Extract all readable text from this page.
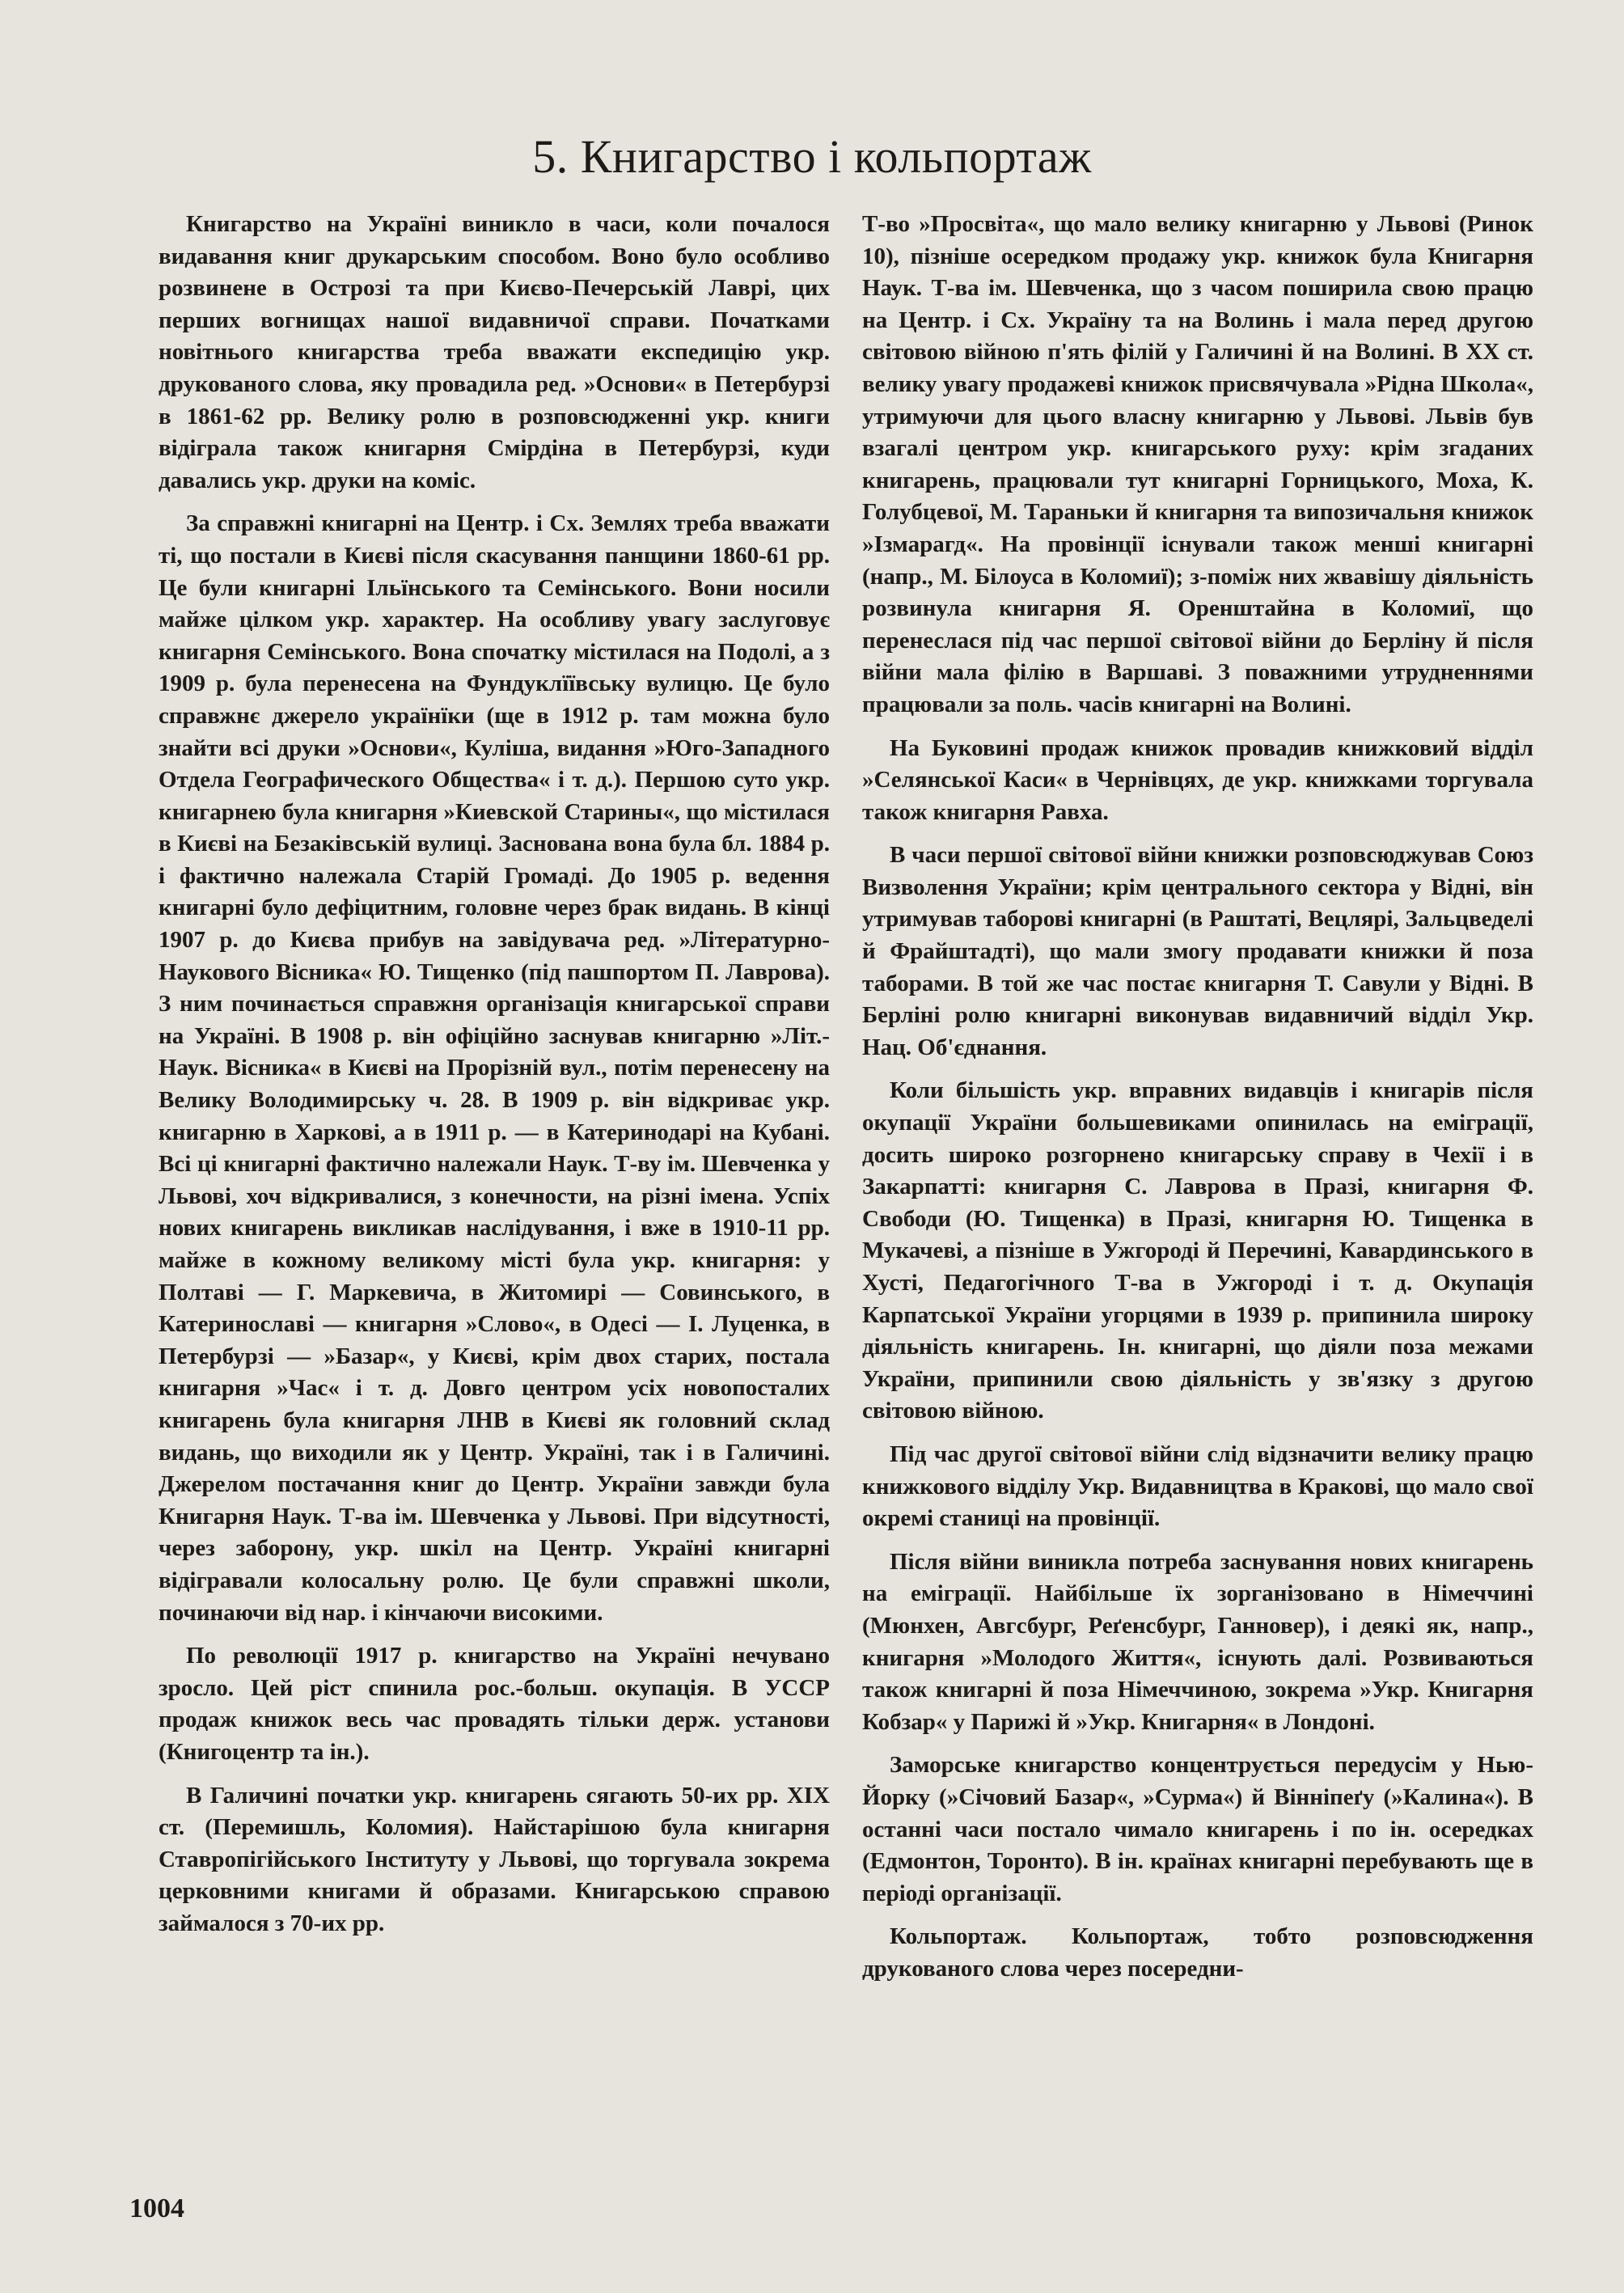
5. Книгарство і кольпортаж

Книгарство на Україні виникло в часи, коли почалося видавання книг друкарським способом. Воно було особливо розвинене в Острозі та при Києво-Печерській Лаврі, цих перших вогнищах нашої видавничої справи. Початками новітнього книгарства треба вважати експедицію укр. друкованого слова, яку провадила ред. »Основи« в Петербурзі в 1861-62 рр. Велику ролю в розповсюдженні укр. книги відіграла також книгарня Смірдіна в Петербурзі, куди давались укр. друки на коміс.

За справжні книгарні на Центр. і Сх. Землях треба вважати ті, що постали в Києві після скасування панщини 1860-61 рр. Це були книгарні Ільїнського та Семінського. Вони носили майже цілком укр. характер. На особливу увагу заслуговує книгарня Семінського. Вона спочатку містилася на Подолі, а з 1909 р. була перенесена на Фундуклїївську вулицю. Це було справжнє джерело українїки (ще в 1912 р. там можна було знайти всі друки »Основи«, Куліша, видання »Юго-Западного Отдела Географического Общества« і т. д.). Першою суто укр. книгарнею була книгарня »Киевской Старины«, що містилася в Києві на Безаківській вулиці. Заснована вона була бл. 1884 р. і фактично належала Старій Громаді. До 1905 р. ведення книгарні було дефіцитним, головне через брак видань. В кінці 1907 р. до Києва прибув на завідувача ред. »Літературно-Наукового Вісника« Ю. Тищенко (під пашпортом П. Лаврова). З ним починається справжня організація книгарської справи на Україні. В 1908 р. він офіційно заснував книгарню »Літ.-Наук. Вісника« в Києві на Прорізній вул., потім перенесену на Велику Володимирську ч. 28. В 1909 р. він відкриває укр. книгарню в Харкові, а в 1911 р. — в Катеринодарі на Кубані. Всі ці книгарні фактично належали Наук. Т-ву ім. Шевченка у Львові, хоч відкривалися, з конечности, на різні імена. Успіх нових книгарень викликав наслідування, і вже в 1910-11 рр. майже в кожному великому місті була укр. книгарня: у Полтаві — Г. Маркевича, в Житомирі — Совинського, в Катеринославі — книгарня »Слово«, в Одесі — І. Луценка, в Петербурзі — »Базар«, у Києві, крім двох старих, постала книгарня »Час« і т. д. Довго центром усіх новопосталих книгарень була книгарня ЛНВ в Києві як головний склад видань, що виходили як у Центр. Україні, так і в Галичині. Джерелом постачання книг до Центр. України завжди була Книгарня Наук. Т-ва ім. Шевченка у Львові. При відсутності, через заборону, укр. шкіл на Центр. Україні книгарні відігравали колосальну ролю. Це були справжні школи, починаючи від нар. і кінчаючи високими.

По революції 1917 р. книгарство на Україні нечувано зросло. Цей ріст спинила рос.-больш. окупація. В УССР продаж книжок весь час провадять тільки держ. установи (Книгоцентр та ін.).

В Галичині початки укр. книгарень сягають 50-их рр. XIX ст. (Перемишль, Коломия). Найстарішою була книгарня Ставропігійського Інституту у Львові, що торгувала зокрема церковними книгами й образами. Книгарською справою займалося з 70-их рр.

Т-во »Просвіта«, що мало велику книгарню у Львові (Ринок 10), пізніше осередком продажу укр. книжок була Книгарня Наук. Т-ва ім. Шевченка, що з часом поширила свою працю на Центр. і Сх. Україну та на Волинь і мала перед другою світовою війною п'ять філій у Галичині й на Волині. В XX ст. велику увагу продажеві книжок присвячувала »Рідна Школа«, утримуючи для цього власну книгарню у Львові. Львів був взагалі центром укр. книгарського руху: крім згаданих книгарень, працювали тут книгарні Горницького, Моха, К. Голубцевої, М. Тараньки й книгарня та випозичальня книжок »Ізмарагд«. На провінції існували також менші книгарні (напр., М. Білоуса в Коломиї); з-поміж них жвавішу діяльність розвинула книгарня Я. Оренштайна в Коломиї, що перенеслася під час першої світової війни до Берліну й після війни мала філію в Варшаві. З поважними утрудненнями працювали за поль. часів книгарні на Волині.

На Буковині продаж книжок провадив книжковий відділ »Селянської Каси« в Чернівцях, де укр. книжками торгувала також книгарня Равха.

В часи першої світової війни книжки розповсюджував Союз Визволення України; крім центрального сектора у Відні, він утримував таборові книгарні (в Раштаті, Вецлярі, Зальцведелі й Фрайштадті), що мали змогу продавати книжки й поза таборами. В той же час постає книгарня Т. Савули у Відні. В Берліні ролю книгарні виконував видавничий відділ Укр. Нац. Об'єднання.

Коли більшість укр. вправних видавців і книгарів після окупації України большевиками опинилась на еміграції, досить широко розгорнено книгарську справу в Чехії і в Закарпатті: книгарня С. Лаврова в Празі, книгарня Ф. Свободи (Ю. Тищенка) в Празі, книгарня Ю. Тищенка в Мукачеві, а пізніше в Ужгороді й Перечині, Кавардинського в Хусті, Педагогічного Т-ва в Ужгороді і т. д. Окупація Карпатської України угорцями в 1939 р. припинила широку діяльність книгарень. Ін. книгарні, що діяли поза межами України, припинили свою діяльність у зв'язку з другою світовою війною.

Під час другої світової війни слід відзначити велику працю книжкового відділу Укр. Видавництва в Кракові, що мало свої окремі станиці на провінції.

Після війни виникла потреба заснування нових книгарень на еміграції. Найбільше їх зорганізовано в Німеччині (Мюнхен, Авгсбург, Реґенсбург, Ганновер), і деякі як, напр., книгарня »Молодого Життя«, існують далі. Розвиваються також книгарні й поза Німеччиною, зокрема »Укр. Книгарня Кобзар« у Парижі й »Укр. Книгарня« в Лондоні.

Заморське книгарство концентрується передусім у Нью-Йорку (»Січовий Базар«, »Сурма«) й Вінніпеґу (»Калина«). В останні часи постало чимало книгарень і по ін. осередках (Едмонтон, Торонто). В ін. країнах книгарні перебувають ще в періоді організації.

Кольпортаж. Кольпортаж, тобто розповсюдження друкованого слова через посередни-

1004
